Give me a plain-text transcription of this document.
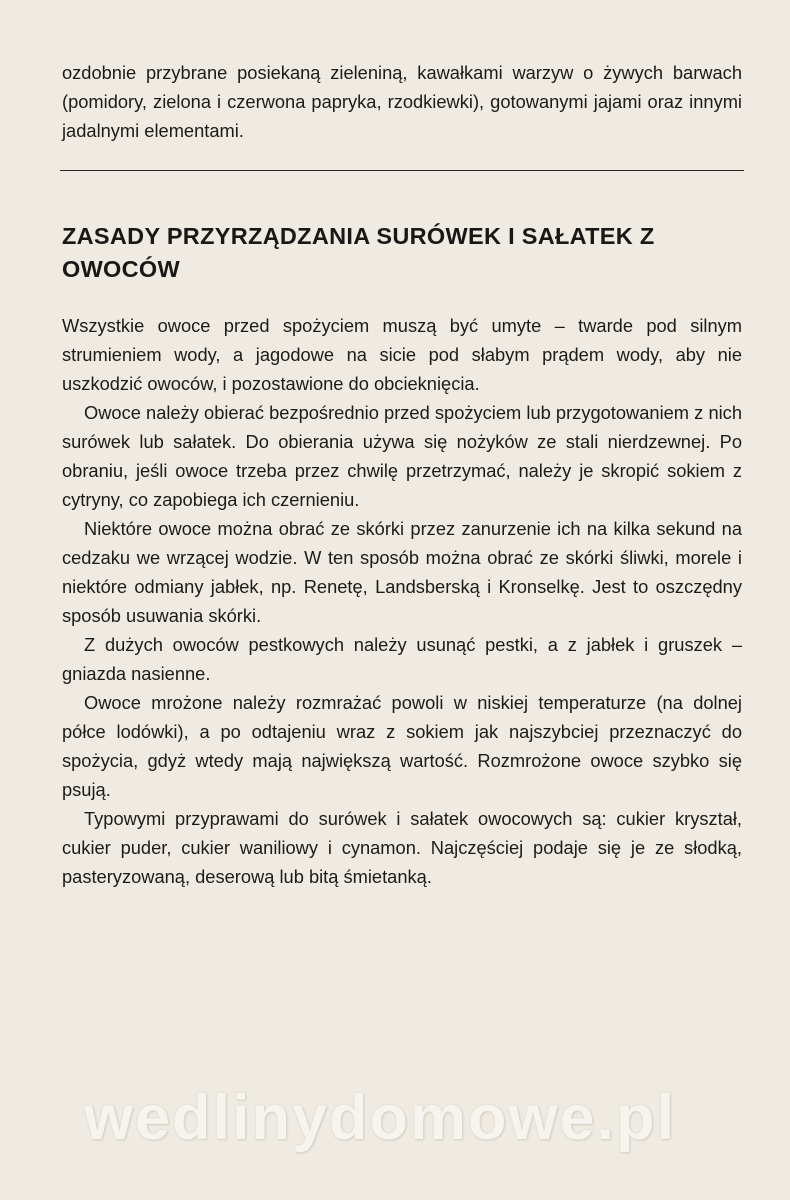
ozdobnie przybrane posiekaną zieleniną, kawałkami warzyw o żywych barwach (pomidory, zielona i czerwona papryka, rzodkiewki), gotowanymi jajami oraz innymi jadalnymi elementami.

ZASADY PRZYRZĄDZANIA SURÓWEK I SAŁATEK Z OWOCÓW

Wszystkie owoce przed spożyciem muszą być umyte – twarde pod silnym strumieniem wody, a jagodowe na sicie pod słabym prądem wody, aby nie uszkodzić owoców, i pozostawione do obcieknięcia.

Owoce należy obierać bezpośrednio przed spożyciem lub przygotowaniem z nich surówek lub sałatek. Do obierania używa się nożyków ze stali nierdzewnej. Po obraniu, jeśli owoce trzeba przez chwilę przetrzymać, należy je skropić sokiem z cytryny, co zapobiega ich czernieniu.

Niektóre owoce można obrać ze skórki przez zanurzenie ich na kilka sekund na cedzaku we wrzącej wodzie. W ten sposób można obrać ze skórki śliwki, morele i niektóre odmiany jabłek, np. Renetę, Landsberską i Kronselkę. Jest to oszczędny sposób usuwania skórki.

Z dużych owoców pestkowych należy usunąć pestki, a z jabłek i gruszek – gniazda nasienne.

Owoce mrożone należy rozmrażać powoli w niskiej temperaturze (na dolnej półce lodówki), a po odtajeniu wraz z sokiem jak najszybciej przeznaczyć do spożycia, gdyż wtedy mają największą wartość. Rozmrożone owoce szybko się psują.

Typowymi przyprawami do surówek i sałatek owocowych są: cukier kryształ, cukier puder, cukier waniliowy i cynamon. Najczęściej podaje się je ze słodką, pasteryzowaną, deserową lub bitą śmietanką.

wedlinydomowe.pl
